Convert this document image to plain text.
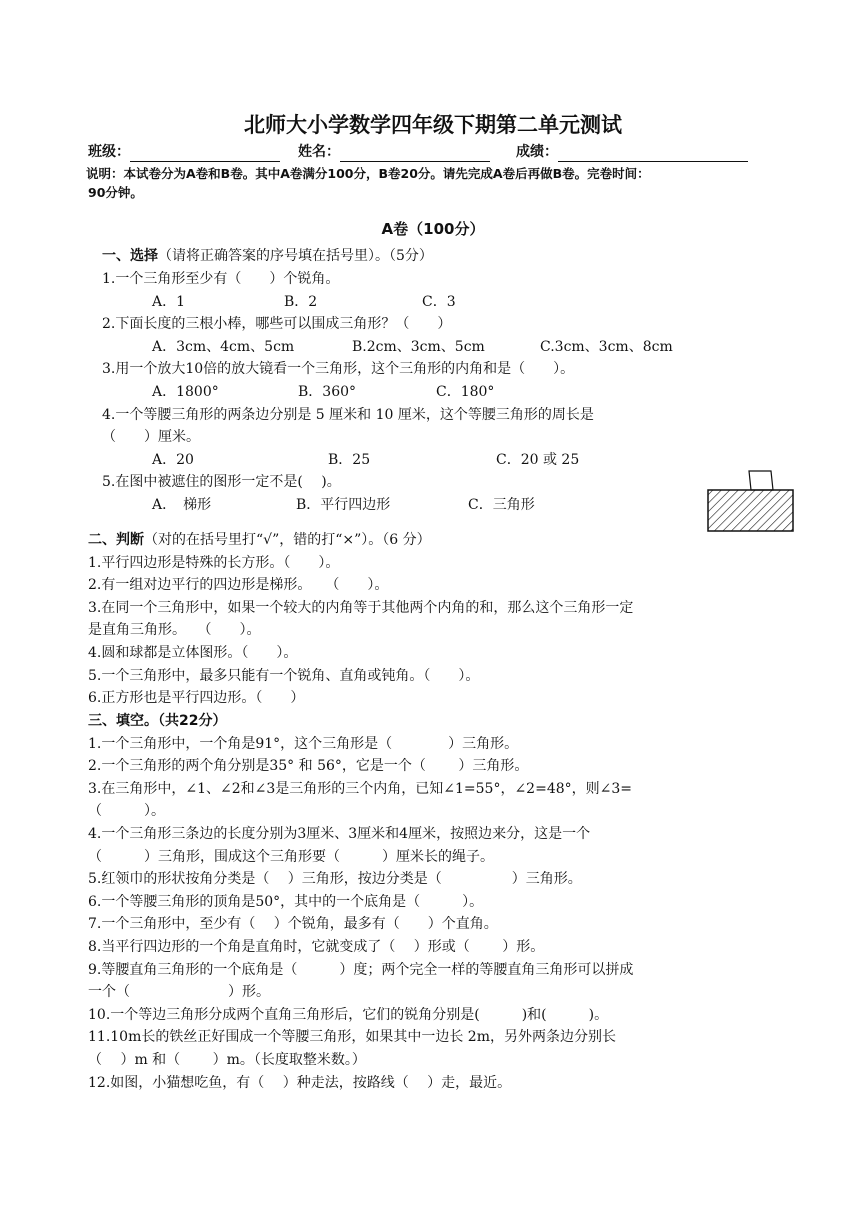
北师大小学数学四年级下期第二单元测试
班级：	姓名：	成绩：
说明：本试卷分为A卷和B卷。其中A卷满分100分，B卷20分。请先完成A卷后再做B卷。完卷时间：
90分钟。
A卷（100分）
一、选择（请将正确答案的序号填在括号里）。（5分）
1.一个三角形至少有（　　）个锐角。
A．1	B．2	C．3
2.下面长度的三根小棒，哪些可以围成三角形？（　　）
A．3cm、4cm、5cm	B.2cm、3cm、5cm	C.3cm、3cm、8cm
3.用一个放大10倍的放大镜看一个三角形，这个三角形的内角和是（　　）。
A．1800°	B．360°	C．180°
4.一个等腰三角形的两条边分别是 5 厘米和 10 厘米，这个等腰三角形的周长是
（　　）厘米。
A．20	B．25	C．20 或 25
5.在图中被遮住的图形一定不是(　 )。
A．　梯形	B．平行四边形	C．三角形
二、判断（对的在括号里打“√”，错的打“×”）。（6 分）
1.平行四边形是特殊的长方形。（　　）。
2.有一组对边平行的四边形是梯形。　　（　　）。
3.在同一个三角形中，如果一个较大的内角等于其他两个内角的和，那么这个三角形一定
是直角三角形。　 （　　）。
4.圆和球都是立体图形。（　　）。
5.一个三角形中，最多只能有一个锐角、直角或钝角。（　　）。
6.正方形也是平行四边形。（　　）
三、填空。（共22分）
1.一个三角形中，一个角是91°，这个三角形是（　　　　）三角形。
2.一个三角形的两个角分别是35° 和 56°，它是一个（　　 ）三角形。
3.在三角形中，∠1、∠2和∠3是三角形的三个内角，已知∠1=55°，∠2=48°，则∠3=
（　　　）。
4.一个三角形三条边的长度分别为3厘米、3厘米和4厘米，按照边来分，这是一个
（　　　）三角形，围成这个三角形要（　　　）厘米长的绳子。
5.红领巾的形状按角分类是（　 ）三角形，按边分类是（　　　　　）三角形。
6.一个等腰三角形的顶角是50°，其中的一个底角是（　　　）。
7.一个三角形中，至少有（　 ）个锐角，最多有（　　）个直角。
8.当平行四边形的一个角是直角时，它就变成了（　 ）形或（　　 ）形。
9.等腰直角三角形的一个底角是（　　　）度；两个完全一样的等腰直角三角形可以拼成
一个（　　　　　　　）形。
10.一个等边三角形分成两个直角三角形后，它们的锐角分别是(　　　)和(　　　)。
11.10m长的铁丝正好围成一个等腰三角形，如果其中一边长 2m，另外两条边分别长
（　 ）m 和（　　 ）m。（长度取整米数。）
12.如图，小猫想吃鱼，有（　 ）种走法，按路线（　 ）走，最近。
